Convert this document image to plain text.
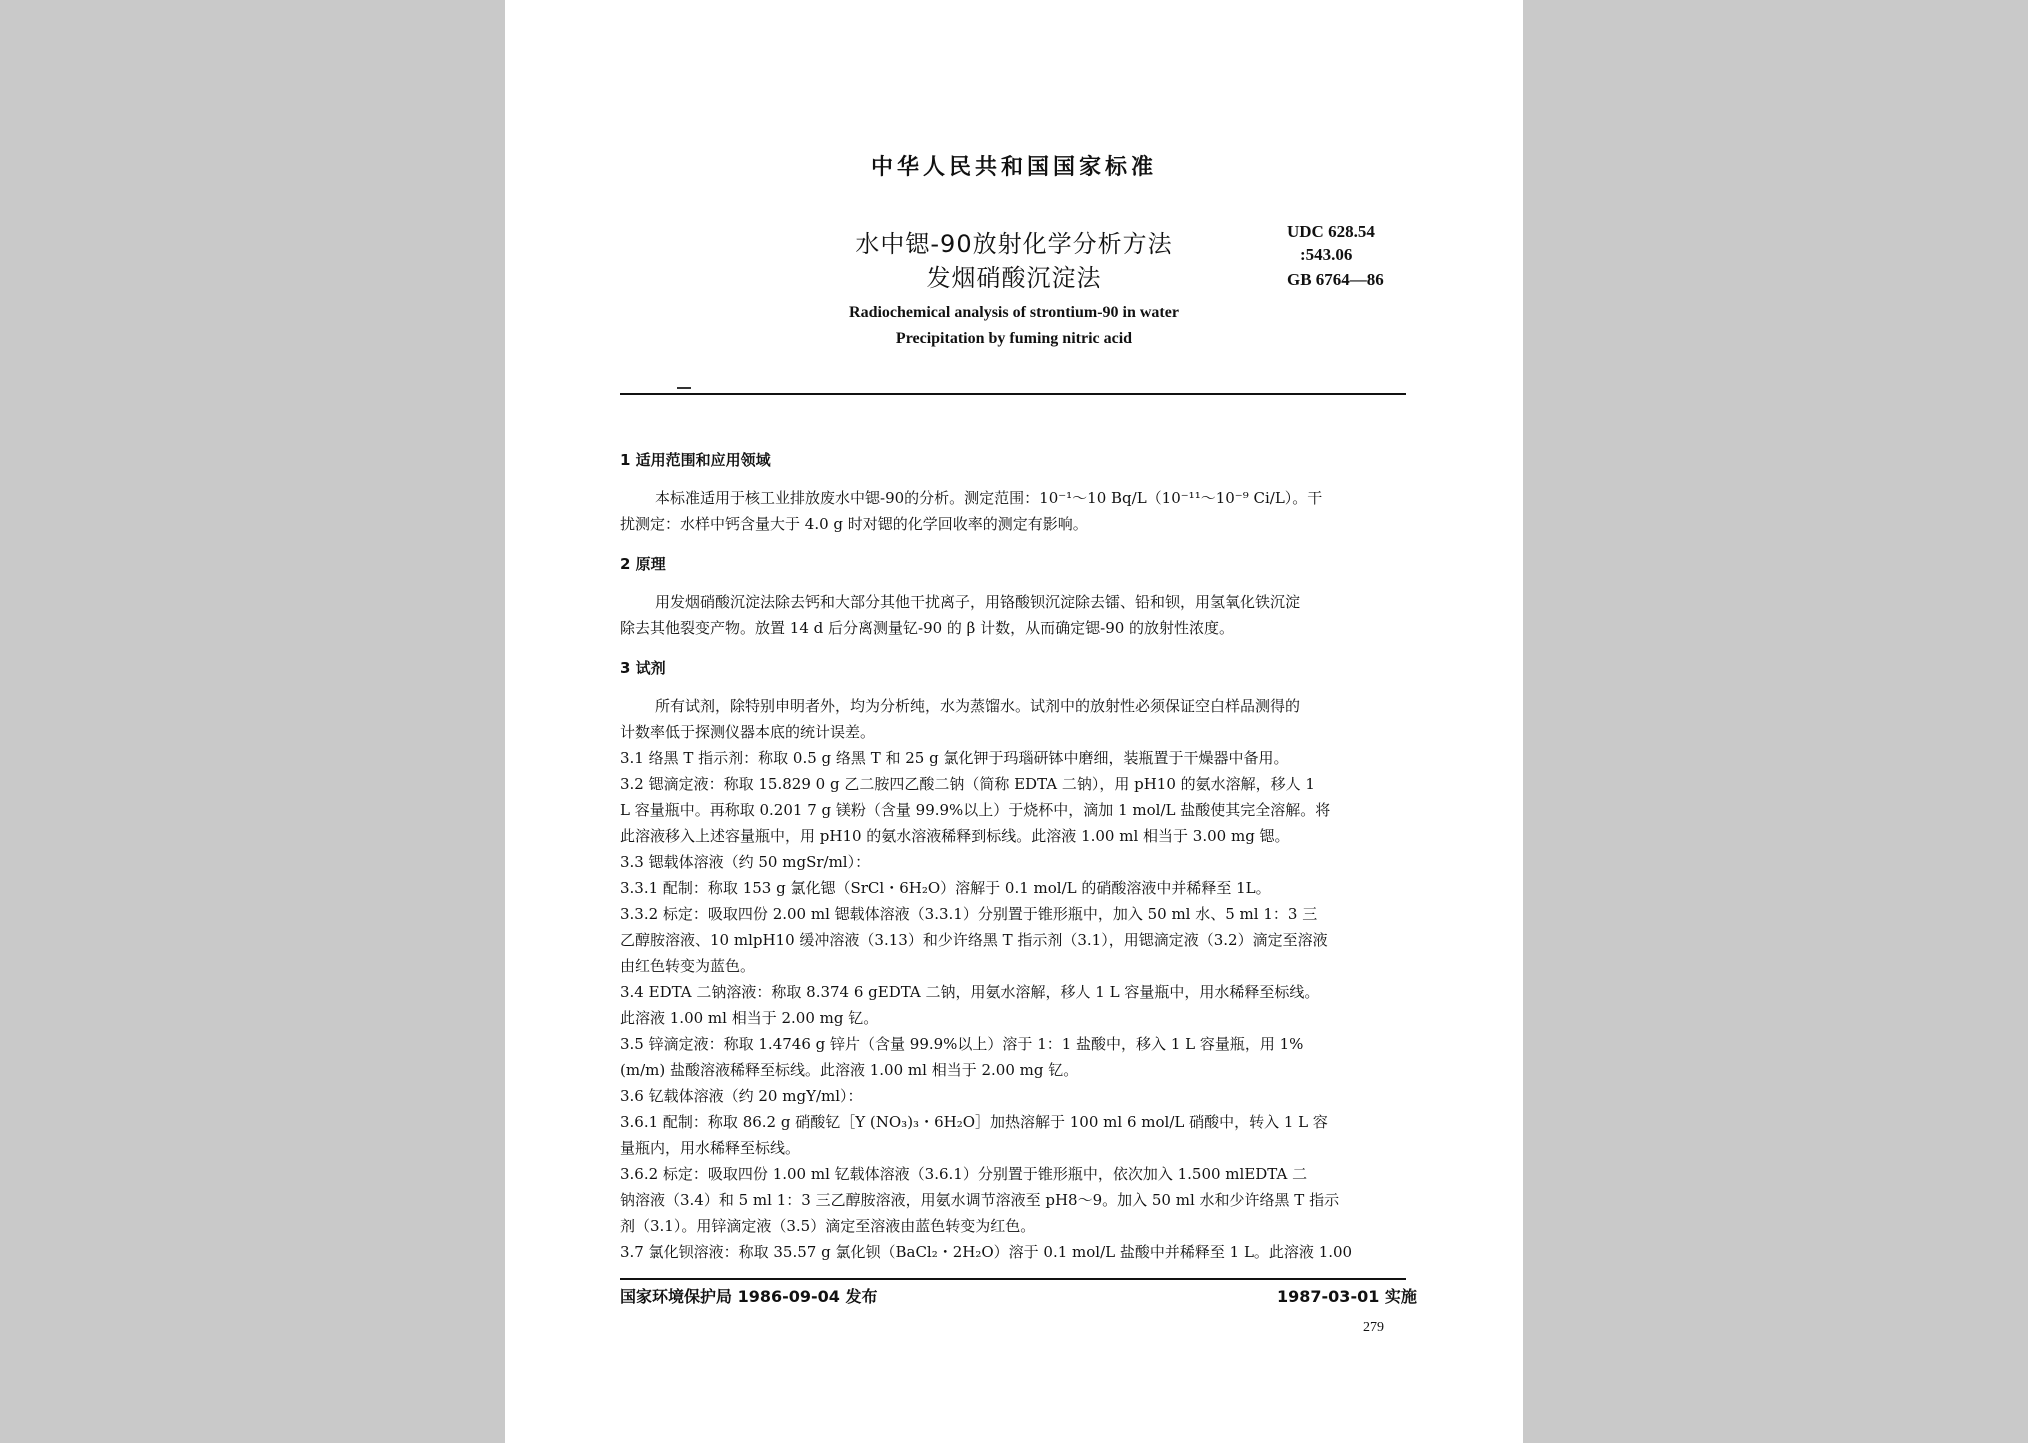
中华人民共和国国家标准
水中锶-90放射化学分析方法
发烟硝酸沉淀法
UDC 628.54
:543.06
GB 6764—86
Radiochemical analysis of strontium-90 in water
Precipitation by fuming nitric acid
1 适用范围和应用领域
本标准适用于核工业排放废水中锶-90的分析。测定范围：10⁻¹～10 Bq/L（10⁻¹¹～10⁻⁹ Ci/L）。干
扰测定：水样中钙含量大于 4.0 g 时对锶的化学回收率的测定有影响。
2 原理
用发烟硝酸沉淀法除去钙和大部分其他干扰离子，用铬酸钡沉淀除去镭、铅和钡，用氢氧化铁沉淀
除去其他裂变产物。放置 14 d 后分离测量钇-90 的 β 计数，从而确定锶-90 的放射性浓度。
3 试剂
所有试剂，除特别申明者外，均为分析纯，水为蒸馏水。试剂中的放射性必须保证空白样品测得的
计数率低于探测仪器本底的统计误差。
3.1 络黑 T 指示剂：称取 0.5 g 络黑 T 和 25 g 氯化钾于玛瑙研钵中磨细，装瓶置于干燥器中备用。
3.2 锶滴定液：称取 15.829 0 g 乙二胺四乙酸二钠（简称 EDTA 二钠），用 pH10 的氨水溶解，移人 1
L 容量瓶中。再称取 0.201 7 g 镁粉（含量 99.9%以上）于烧杯中，滴加 1 mol/L 盐酸使其完全溶解。将
此溶液移入上述容量瓶中，用 pH10 的氨水溶液稀释到标线。此溶液 1.00 ml 相当于 3.00 mg 锶。
3.3 锶载体溶液（约 50 mgSr/ml）：
3.3.1 配制：称取 153 g 氯化锶（SrCl・6H₂O）溶解于 0.1 mol/L 的硝酸溶液中并稀释至 1L。
3.3.2 标定：吸取四份 2.00 ml 锶载体溶液（3.3.1）分别置于锥形瓶中，加入 50 ml 水、5 ml 1：3 三
乙醇胺溶液、10 mlpH10 缓冲溶液（3.13）和少许络黑 T 指示剂（3.1），用锶滴定液（3.2）滴定至溶液
由红色转变为蓝色。
3.4 EDTA 二钠溶液：称取 8.374 6 gEDTA 二钠，用氨水溶解，移人 1 L 容量瓶中，用水稀释至标线。
此溶液 1.00 ml 相当于 2.00 mg 钇。
3.5 锌滴定液：称取 1.4746 g 锌片（含量 99.9%以上）溶于 1：1 盐酸中，移入 1 L 容量瓶，用 1%
(m/m) 盐酸溶液稀释至标线。此溶液 1.00 ml 相当于 2.00 mg 钇。
3.6 钇载体溶液（约 20 mgY/ml）：
3.6.1 配制：称取 86.2 g 硝酸钇［Y (NO₃)₃・6H₂O］加热溶解于 100 ml 6 mol/L 硝酸中，转入 1 L 容
量瓶内，用水稀释至标线。
3.6.2 标定：吸取四份 1.00 ml 钇载体溶液（3.6.1）分别置于锥形瓶中，依次加入 1.500 mlEDTA 二
钠溶液（3.4）和 5 ml 1：3 三乙醇胺溶液，用氨水调节溶液至 pH8～9。加入 50 ml 水和少许络黑 T 指示
剂（3.1）。用锌滴定液（3.5）滴定至溶液由蓝色转变为红色。
3.7 氯化钡溶液：称取 35.57 g 氯化钡（BaCl₂・2H₂O）溶于 0.1 mol/L 盐酸中并稀释至 1 L。此溶液 1.00
国家环境保护局 1986-09-04 发布	1987-03-01 实施
279
